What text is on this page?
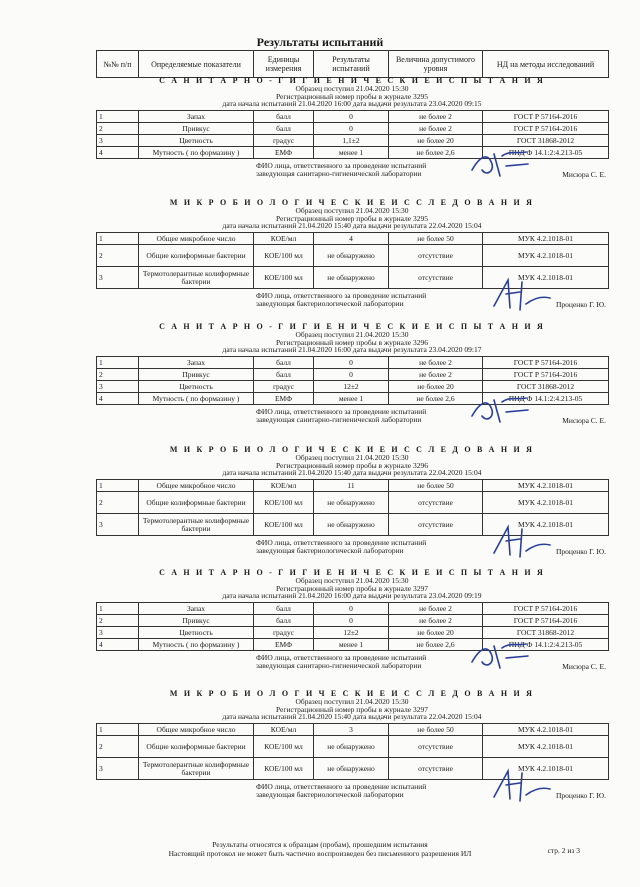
Результаты испытаний
№№ п/п	Определяемые показатели	Единицы измерения	Результаты испытаний	Величина допустимого уровня	НД на методы исследований
С А Н И Т А Р Н О - Г И Г И Е Н И Ч Е С К И Е И С П Ы Т А Н И Я
Образец поступил 21.04.2020 15:30
Регистрационный номер пробы в журнале 3295
дата начала испытаний 21.04.2020 16:00 дата выдачи результата 23.04.2020 09:15
1	Запах	балл	0	не более 2	ГОСТ Р 57164-2016
2	Привкус	балл	0	не более 2	ГОСТ Р 57164-2016
3	Цветность	градус	1,1±2	не более 20	ГОСТ 31868-2012
4	Мутность ( по формазину )	ЕМФ	менее 1	не более 2,6	ПНД Ф 14.1:2:4.213-05
ФИО лица, ответственного за проведение испытаний
заведующая санитарно-гигиенической лаборатории	Мисюра С. Е.
М И К Р О Б И О Л О Г И Ч Е С К И Е И С С Л Е Д О В А Н И Я
Образец поступил 21.04.2020 15:30
Регистрационный номер пробы в журнале 3295
дата начала испытаний 21.04.2020 15:40 дата выдачи результата 22.04.2020 15:04
1	Общее микробное число	КОЕ/мл	4	не более 50	МУК 4.2.1018-01
2	Общие колиформные бактерии	КОЕ/100 мл	не обнаружено	отсутствие	МУК 4.2.1018-01
3	Термотолерантные колиформные бактерии	КОЕ/100 мл	не обнаружено	отсутствие	МУК 4.2.1018-01
ФИО лица, ответственного за проведение испытаний
заведующая бактериологической лаборатории	Проценко Г. Ю.
С А Н И Т А Р Н О - Г И Г И Е Н И Ч Е С К И Е И С П Ы Т А Н И Я
Образец поступил 21.04.2020 15:30
Регистрационный номер пробы в журнале 3296
дата начала испытаний 21.04.2020 16:00 дата выдачи результата 23.04.2020 09:17
1	Запах	балл	0	не более 2	ГОСТ Р 57164-2016
2	Привкус	балл	0	не более 2	ГОСТ Р 57164-2016
3	Цветность	градус	12±2	не более 20	ГОСТ 31868-2012
4	Мутность ( по формазину )	ЕМФ	менее 1	не более 2,6	ПНД Ф 14.1:2:4.213-05
ФИО лица, ответственного за проведение испытаний
заведующая санитарно-гигиенической лаборатории	Мисюра С. Е.
М И К Р О Б И О Л О Г И Ч Е С К И Е И С С Л Е Д О В А Н И Я
Образец поступил 21.04.2020 15:30
Регистрационный номер пробы в журнале 3296
дата начала испытаний 21.04.2020 15:40 дата выдачи результата 22.04.2020 15:04
1	Общее микробное число	КОЕ/мл	11	не более 50	МУК 4.2.1018-01
2	Общие колиформные бактерии	КОЕ/100 мл	не обнаружено	отсутствие	МУК 4.2.1018-01
3	Термотолерантные колиформные бактерии	КОЕ/100 мл	не обнаружено	отсутствие	МУК 4.2.1018-01
ФИО лица, ответственного за проведение испытаний
заведующая бактериологической лаборатории	Проценко Г. Ю.
С А Н И Т А Р Н О - Г И Г И Е Н И Ч Е С К И Е И С П Ы Т А Н И Я
Образец поступил 21.04.2020 15:30
Регистрационный номер пробы в журнале 3297
дата начала испытаний 21.04.2020 16:00 дата выдачи результата 23.04.2020 09:19
1	Запах	балл	0	не более 2	ГОСТ Р 57164-2016
2	Привкус	балл	0	не более 2	ГОСТ Р 57164-2016
3	Цветность	градус	12±2	не более 20	ГОСТ 31868-2012
4	Мутность ( по формазину )	ЕМФ	менее 1	не более 2,6	ПНД Ф 14.1:2:4.213-05
ФИО лица, ответственного за проведение испытаний
заведующая санитарно-гигиенической лаборатории	Мисюра С. Е.
М И К Р О Б И О Л О Г И Ч Е С К И Е И С С Л Е Д О В А Н И Я
Образец поступил 21.04.2020 15:30
Регистрационный номер пробы в журнале 3297
дата начала испытаний 21.04.2020 15:40 дата выдачи результата 22.04.2020 15:04
1	Общее микробное число	КОЕ/мл	3	не более 50	МУК 4.2.1018-01
2	Общие колиформные бактерии	КОЕ/100 мл	не обнаружено	отсутствие	МУК 4.2.1018-01
3	Термотолерантные колиформные бактерии	КОЕ/100 мл	не обнаружено	отсутствие	МУК 4.2.1018-01
ФИО лица, ответственного за проведение испытаний
заведующая бактериологической лаборатории	Проценко Г. Ю.
Результаты относятся к образцам (пробам), прошедшим испытания
Настоящий протокол не может быть частично воспроизведен без письменного разрешения ИЛ	стр. 2 из 3
